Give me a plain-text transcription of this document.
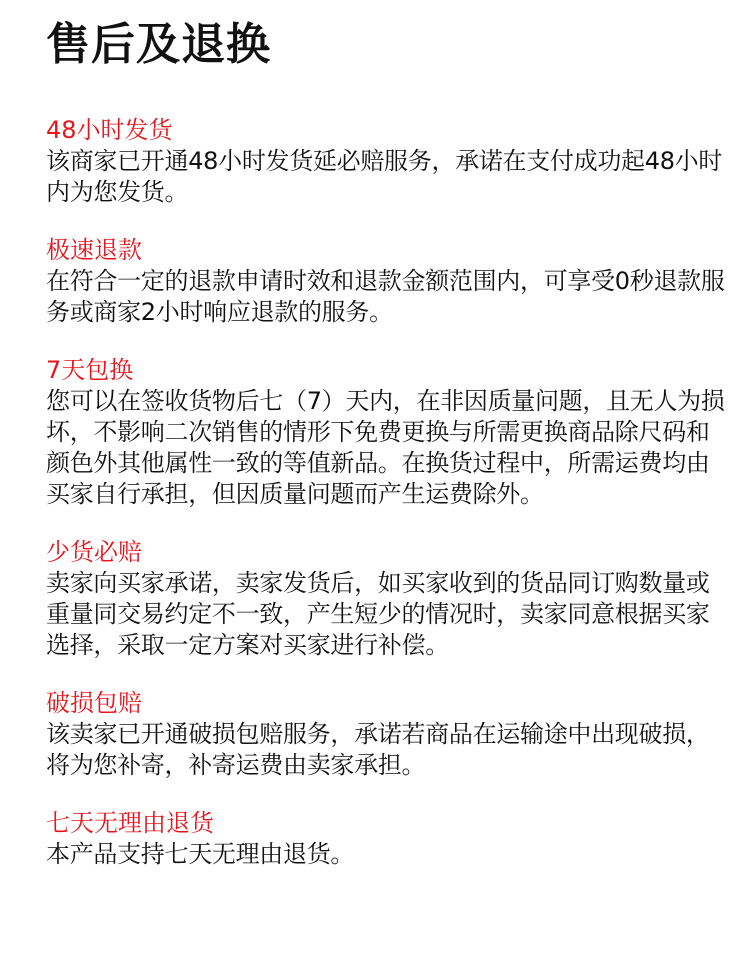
售后及退换
48小时发货

该商家已开通48小时发货延必赔服务，承诺在支付成功起48小时内为您发货。

极速退款

在符合一定的退款申请时效和退款金额范围内，可享受0秒退款服务或商家2小时响应退款的服务。

7天包换

您可以在签收货物后七（7）天内，在非因质量问题，且无人为损坏，不影响二次销售的情形下免费更换与所需更换商品除尺码和颜色外其他属性一致的等值新品。在换货过程中，所需运费均由买家自行承担，但因质量问题而产生运费除外。

少货必赔

卖家向买家承诺，卖家发货后，如买家收到的货品同订购数量或重量同交易约定不一致，产生短少的情况时，卖家同意根据买家选择，采取一定方案对买家进行补偿。

破损包赔

该卖家已开通破损包赔服务，承诺若商品在运输途中出现破损，将为您补寄，补寄运费由卖家承担。

七天无理由退货

本产品支持七天无理由退货。
